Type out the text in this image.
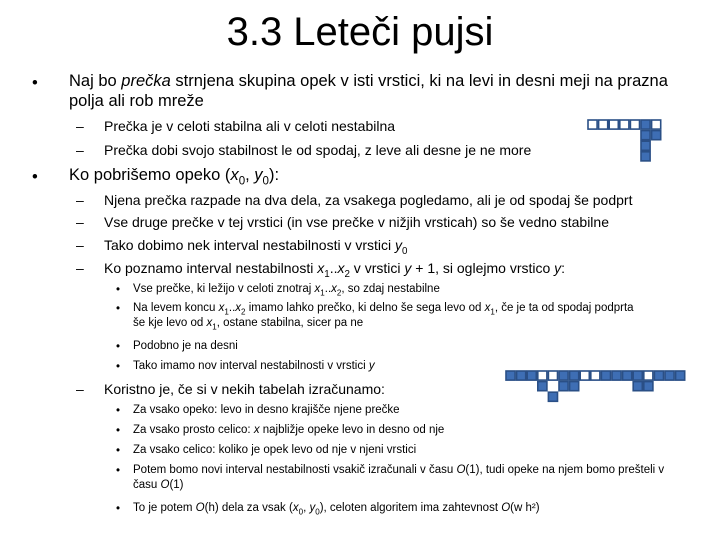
3.3 Leteči pujsi
• Naj bo prečka strnjena skupina opek v isti vrstici, ki na levi in desni meji na prazna polja ali rob mreže

– Prečka je v celoti stabilna ali v celoti nestabilna

– Prečka dobi svojo stabilnost le od spodaj, z leve ali desne je ne more

• Ko pobrišemo opeko ($x_0$, $y_0$):

– Njena prečka razpade na dva dela, za vsakega pogledamo, ali je od spodaj še podprt

– Vse druge prečke v tej vrstici (in vse prečke v nižjih vrsticah) so še vedno stabilne

– Tako dobimo nek interval nestabilnosti v vrstici $y_0$

– Ko poznamo interval nestabilnosti $x_1..x_2$ v vrstici y + 1, si oglejmo vrstico y:

• Vse prečke, ki ležijo v celoti znotraj $x_1..x_2$, so zdaj nestabilne

• Na levem koncu $x_1..x_2$ imamo lahko prečko, ki delno še sega levo od $x_1$, če je ta od spodaj podprta še kje levo od $x_1$, ostane stabilna, sicer pa ne

• Podobno je na desni

• Tako imamo nov interval nestabilnosti v vrstici y

– Koristno je, če si v nekih tabelah izračunamo:

• Za vsako opeko: levo in desno krajišče njene prečke

• Za vsako prosto celico: x najbližje opeke levo in desno od nje

• Za vsako celico: koliko je opek levo od nje v njeni vrstici

• Potem bomo novi interval nestabilnosti vsakič izračunali v času O(1), tudi opeke na njem bomo prešteli v času O(1)

• To je potem O(h) dela za vsak ($x_0$, $y_0$), celoten algoritem ima zahtevnost O(w h²)
